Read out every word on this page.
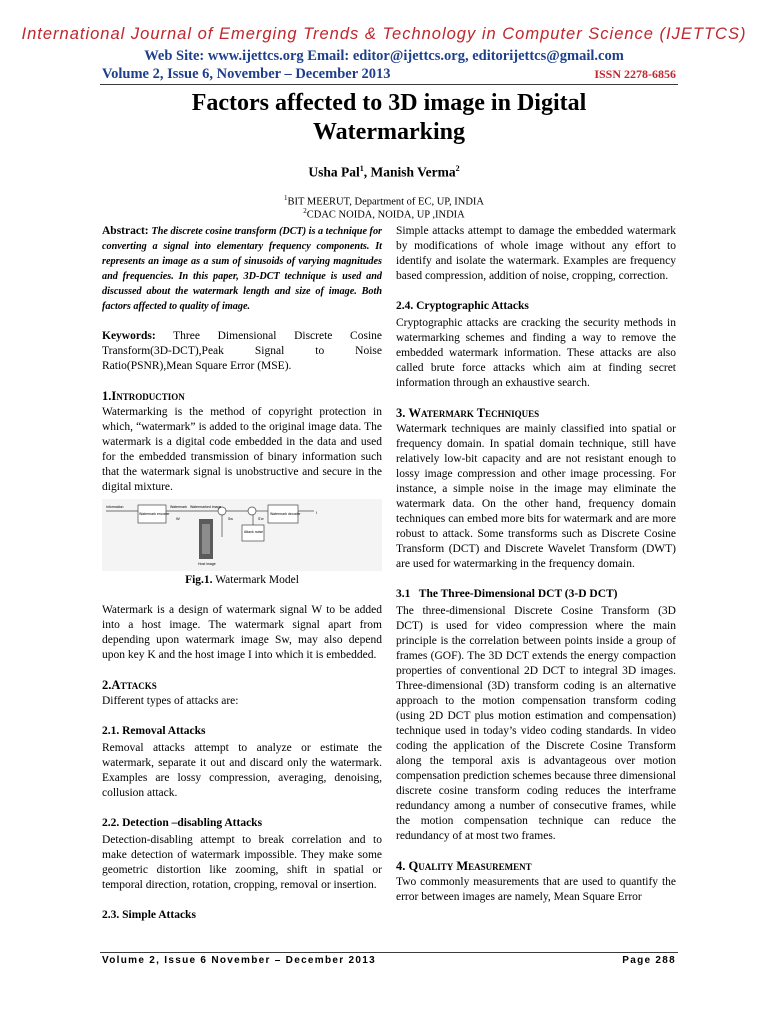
International Journal of Emerging Trends & Technology in Computer Science (IJETTCS)
Web Site: www.ijettcs.org Email: editor@ijettcs.org, editorijettcs@gmail.com
Volume 2, Issue 6, November – December 2013	ISSN 2278-6856
Factors affected to 3D image in Digital
Watermarking
Usha Pal$^1$, Manish Verma$^2$
$^1$BIT MEERUT, Department of EC, UP, INDIA
$^2$CDAC NOIDA, NOIDA, UP ,INDIA

Abstract: The discrete cosine transform (DCT) is a technique for converting a signal into elementary frequency components. It represents an image as a sum of sinusoids of varying magnitudes and frequencies. In this paper, 3D-DCT technique is used and discussed about the watermark length and size of image. Both factors affected to quality of image.

Keywords: Three Dimensional Discrete Cosine Transform(3D-DCT),Peak Signal to Noise Ratio(PSNR),Mean Square Error (MSE).

1.Introduction

Watermarking is the method of copyright protection in which, “watermark” is added to the original image data. The watermark is a digital code embedded in the data and used for the embedded transmission of binary information such that the watermark signal is unobstructive and secure in the digital mixture.

Information
Watermark encoder
Watermark Watermarked image
Watermark decoder
W	Sw	S'w
Attack noise
Host image
I
Fig.1. Watermark Model

Watermark is a design of watermark signal W to be added into a host image. The watermark signal apart from depending upon watermark image Sw, may also depend upon key K and the host image I into which it is embedded.

2.Attacks

Different types of attacks are:

2.1. Removal Attacks

Removal attacks attempt to analyze or estimate the watermark, separate it out and discard only the watermark. Examples are lossy compression, averaging, denoising, collusion attack.

2.2. Detection –disabling Attacks

Detection-disabling attempt to break correlation and to make detection of watermark impossible. They make some geometric distortion like zooming, shift in spatial or temporal direction, rotation, cropping, removal or insertion.

2.3. Simple Attacks

Simple attacks attempt to damage the embedded watermark by modifications of whole image without any effort to identify and isolate the watermark. Examples are frequency based compression, addition of noise, cropping, correction.

2.4. Cryptographic Attacks

Cryptographic attacks are cracking the security methods in watermarking schemes and finding a way to remove the embedded watermark information. These attacks are also called brute force attacks which aim at finding secret information through an exhaustive search.

3. Watermark Techniques

Watermark techniques are mainly classified into spatial or frequency domain. In spatial domain technique, still have relatively low-bit capacity and are not resistant enough to lossy image compression and other image processing. For instance, a simple noise in the image may eliminate the watermark data. On the other hand, frequency domain techniques can embed more bits for watermark and are more robust to attack. Some transforms such as Discrete Cosine Transform (DCT) and Discrete Wavelet Transform (DWT) are used for watermarking in the frequency domain.

3.1   The Three-Dimensional DCT (3-D DCT)

The three-dimensional Discrete Cosine Transform (3D DCT) is used for video compression where the main principle is the correlation between points inside a group of frames (GOF). The 3D DCT extends the energy compaction properties of conventional 2D DCT to integral 3D images. Three-dimensional (3D) transform coding is an alternative approach to the motion compensation transform coding (using 2D DCT plus motion estimation and compensation) technique used in today’s video coding standards. In video coding the application of the Discrete Cosine Transform along the temporal axis is advantageous over motion compensation prediction schemes because three dimensional discrete cosine transform coding reduces the interframe redundancy among a number of consecutive frames, while the motion compensation technique can reduce the redundancy of at most two frames.

4. Quality Measurement

Two commonly measurements that are used to quantify the error between images are namely, Mean Square Error

Volume 2, Issue 6 November – December 2013	Page 288
